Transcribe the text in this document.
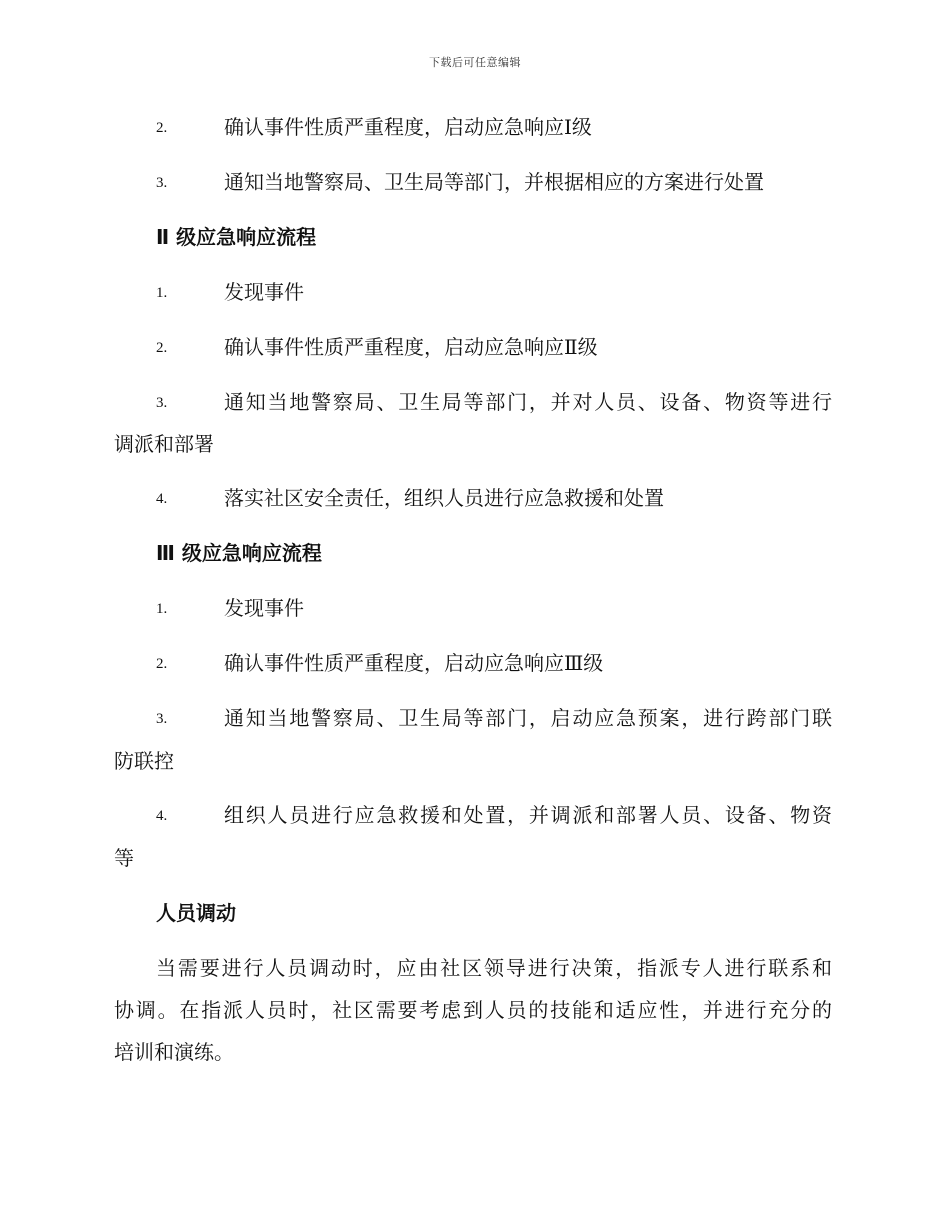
下载后可任意编辑
2.	确认事件性质严重程度，启动应急响应Ⅰ级
3.	通知当地警察局、卫生局等部门，并根据相应的方案进行处置
Ⅱ 级应急响应流程
1.	发现事件
2.	确认事件性质严重程度，启动应急响应Ⅱ级
3.	通知当地警察局、卫生局等部门，并对人员、设备、物资等进行
调派和部署
4.	落实社区安全责任，组织人员进行应急救援和处置
Ⅲ 级应急响应流程
1.	发现事件
2.	确认事件性质严重程度，启动应急响应Ⅲ级
3.	通知当地警察局、卫生局等部门，启动应急预案，进行跨部门联
防联控
4.	组织人员进行应急救援和处置，并调派和部署人员、设备、物资
等
人员调动
当需要进行人员调动时，应由社区领导进行决策，指派专人进行联系和
协调。在指派人员时，社区需要考虑到人员的技能和适应性，并进行充分的
培训和演练。
